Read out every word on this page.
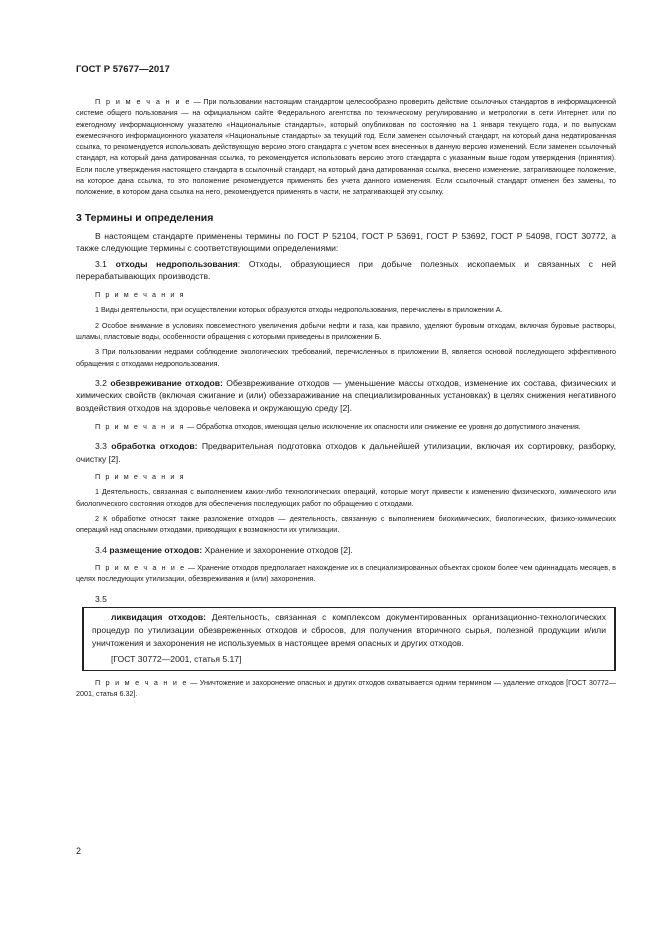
ГОСТ Р 57677—2017

П р и м е ч а н и е — При пользовании настоящим стандартом целесообразно проверить действие ссылочных стандартов в информационной системе общего пользования — на официальном сайте Федерального агентства по техническому регулированию и метрологии в сети Интернет или по ежегодному информационному указателю «Национальные стандарты», который опубликован по состоянию на 1 января текущего года, и по выпускам ежемесячного информационного указателя «Национальные стандарты» за текущий год. Если заменен ссылочный стандарт, на который дана недатированная ссылка, то рекомендуется использовать действующую версию этого стандарта с учетом всех внесенных в данную версию изменений. Если заменен ссылочный стандарт, на который дана датированная ссылка, то рекомендуется использовать версию этого стандарта с указанным выше годом утверждения (принятия). Если после утверждения настоящего стандарта в ссылочный стандарт, на который дана датированная ссылка, внесено изменение, затрагивающее положение, на которое дана ссылка, то это положение рекомендуется применять без учета данного изменения. Если ссылочный стандарт отменен без замены, то положение, в котором дана ссылка на него, рекомендуется применять в части, не затрагивающей эту ссылку.

3 Термины и определения

В настоящем стандарте применены термины по ГОСТ Р 52104, ГОСТ Р 53691, ГОСТ Р 53692, ГОСТ Р 54098, ГОСТ 30772, а также следующие термины с соответствующими определениями:

3.1 отходы недропользования: Отходы, образующиеся при добыче полезных ископаемых и связанных с ней перерабатывающих производств.

П р и м е ч а н и я

1 Виды деятельности, при осуществлении которых образуются отходы недропользования, перечислены в приложении А.

2 Особое внимание в условиях повсеместного увеличения добычи нефти и газа, как правило, уделяют буровым отходам, включая буровые растворы, шламы, пластовые воды, особенности обращения с которыми приведены в приложении Б.

3 При пользовании недрами соблюдение экологических требований, перечисленных в приложении В, является основой последующего эффективного обращения с отходами недропользования.

3.2 обезвреживание отходов: Обезвреживание отходов — уменьшение массы отходов, изменение их состава, физических и химических свойств (включая сжигание и (или) обеззараживание на специализированных установках) в целях снижения негативного воздействия отходов на здоровье человека и окружающую среду [2].

П р и м е ч а н и я — Обработка отходов, имеющая целью исключение их опасности или снижение ее уровня до допустимого значения.

3.3 обработка отходов: Предварительная подготовка отходов к дальнейшей утилизации, включая их сортировку, разборку, очистку [2].

П р и м е ч а н и я

1 Деятельность, связанная с выполнением каких-либо технологических операций, которые могут привести к изменению физического, химического или биологического состояния отходов для обеспечения последующих работ по обращению с отходами.

2 К обработке относят также разложение отходов — деятельность, связанную с выполнением биохимических, биологических, физико-химических операций над опасными отходами, приводящих к возможности их утилизации.

3.4 размещение отходов: Хранение и захоронение отходов [2].

П р и м е ч а н и е — Хранение отходов предполагает нахождение их в специализированных объектах сроком более чем одиннадцать месяцев, в целях последующих утилизации, обезвреживания и (или) захоронения.

3.5

ликвидация отходов: Деятельность, связанная с комплексом документированных организационно-технологических процедур по утилизации обезвреженных отходов и сбросов, для получения вторичного сырья, полезной продукции и/или уничтожения и захоронения не используемых в настоящее время опасных и других отходов.

[ГОСТ 30772—2001, статья 5.17]

П р и м е ч а н и е — Уничтожение и захоронение опасных и других отходов охватывается одним термином — удаление отходов [ГОСТ 30772—2001, статья 6.32].

2
